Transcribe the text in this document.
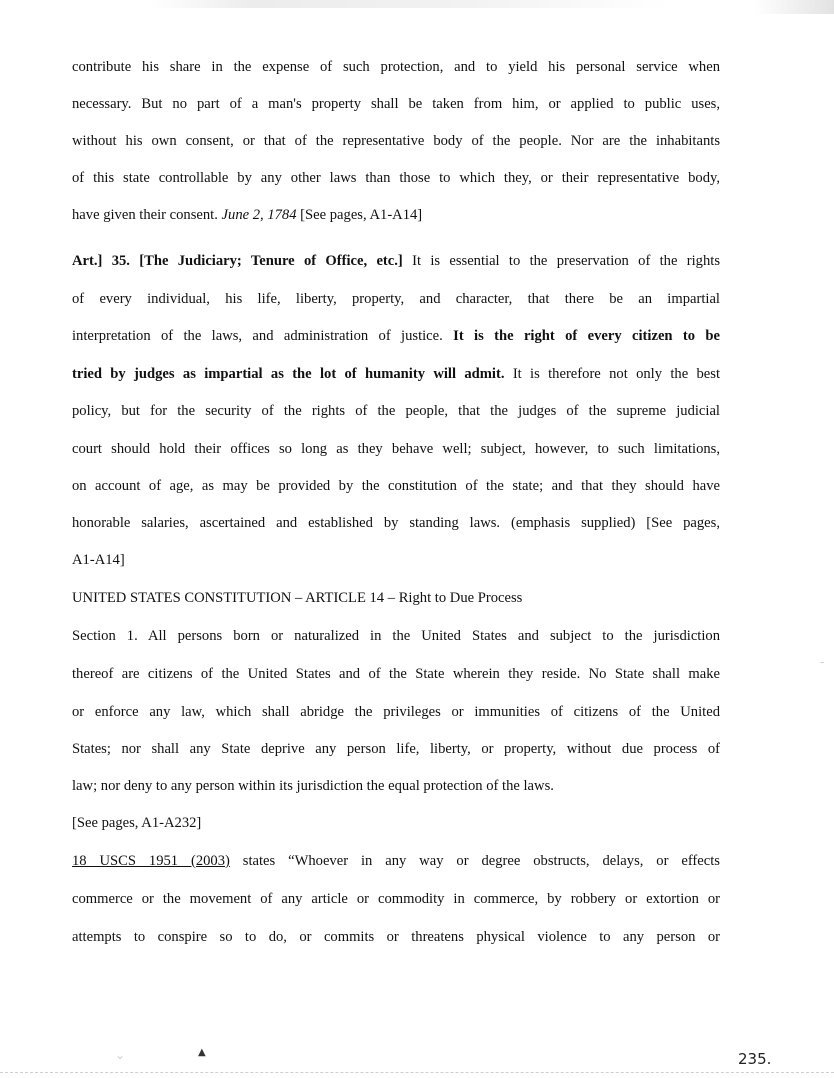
contribute his share in the expense of such protection, and to yield his personal service when
necessary. But no part of a man's property shall be taken from him, or applied to public uses,
without his own consent, or that of the representative body of the people. Nor are the inhabitants
of this state controllable by any other laws than those to which they, or their representative body,
have given their consent. June 2, 1784 [See pages, A1-A14]
Art.] 35. [The Judiciary; Tenure of Office, etc.] It is essential to the preservation of the rights
of every individual, his life, liberty, property, and character, that there be an impartial
interpretation of the laws, and administration of justice. It is the right of every citizen to be
tried by judges as impartial as the lot of humanity will admit. It is therefore not only the best
policy, but for the security of the rights of the people, that the judges of the supreme judicial
court should hold their offices so long as they behave well; subject, however, to such limitations,
on account of age, as may be provided by the constitution of the state; and that they should have
honorable salaries, ascertained and established by standing laws. (emphasis supplied) [See pages,
A1-A14]
UNITED STATES CONSTITUTION – ARTICLE 14 – Right to Due Process
Section 1. All persons born or naturalized in the United States and subject to the jurisdiction
thereof are citizens of the United States and of the State wherein they reside. No State shall make
or enforce any law, which shall abridge the privileges or immunities of citizens of the United
States; nor shall any State deprive any person life, liberty, or property, without due process of
law; nor deny to any person within its jurisdiction the equal protection of the laws.
[See pages, A1-A232]
18 USCS 1951 (2003) states “Whoever in any way or degree obstructs, delays, or effects
commerce or the movement of any article or commodity in commerce, by robbery or extortion or
attempts to conspire so to do, or commits or threatens physical violence to any person or
▲
⌄
-
235.
